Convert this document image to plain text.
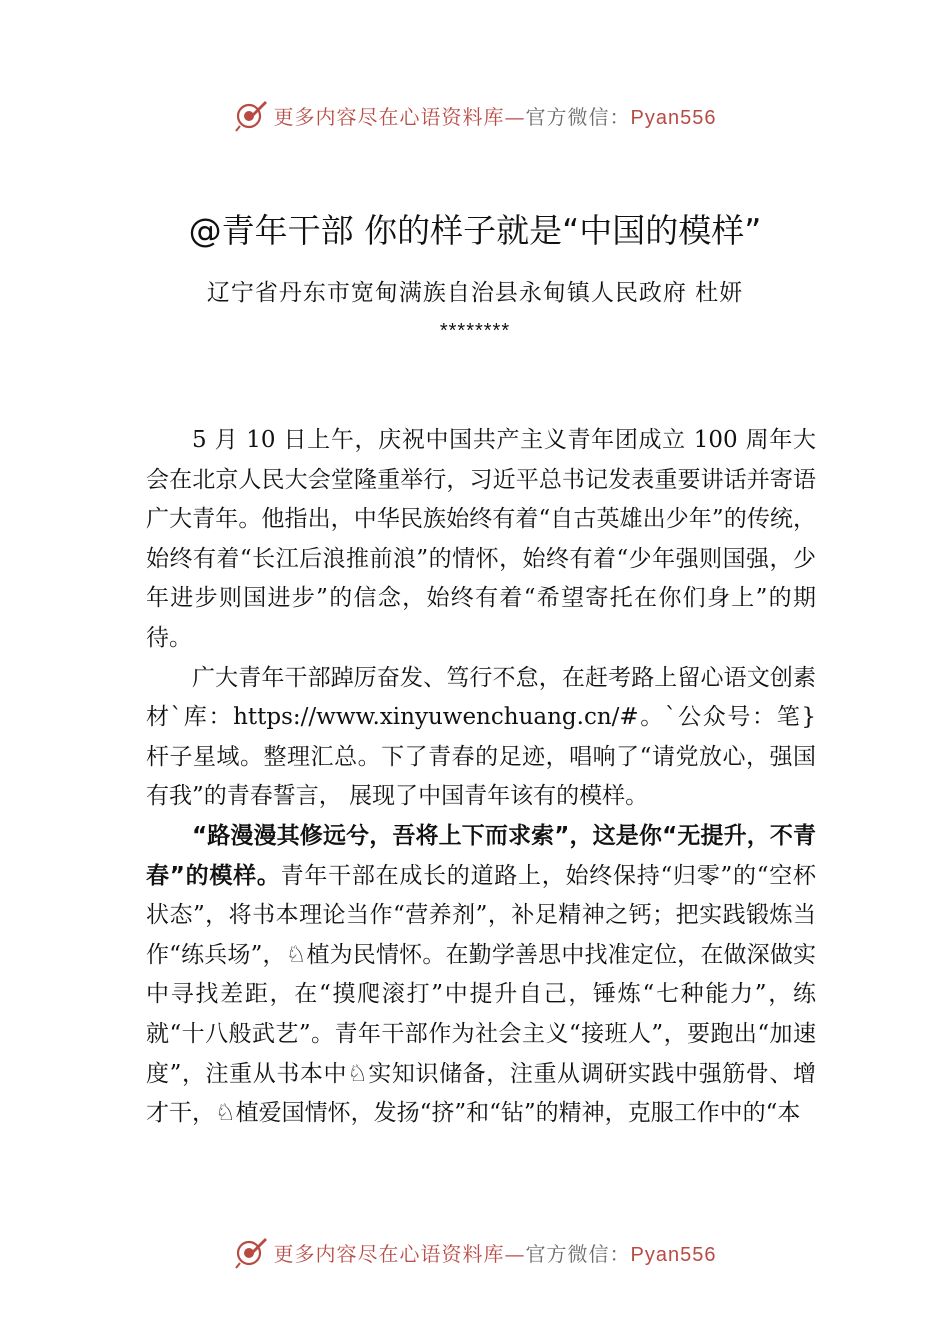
更多内容尽在心语资料库—官方微信：Pyan556
@青年干部 你的样子就是“中国的模样”
辽宁省丹东市宽甸满族自治县永甸镇人民政府 杜妍
********

5 月 10 日上午，庆祝中国共产主义青年团成立 100 周年大会在北京人民大会堂隆重举行，习近平总书记发表重要讲话并寄语广大青年。他指出，中华民族始终有着“自古英雄出少年”的传统，始终有着“长江后浪推前浪”的情怀，始终有着“少年强则国强，少年进步则国进步”的信念，始终有着“希望寄托在你们身上”的期待。

广大青年干部踔厉奋发、笃行不怠，在赶考路上留心语文创素材`库：https://www.xinyuwenchuang.cn/#。`公众号：笔}杆子星域。整理汇总。下了青春的足迹，唱响了“请党放心，强国有我”的青春誓言， 展现了中国青年该有的模样。

“路漫漫其修远兮，吾将上下而求索”，这是你“无提升，不青春”的模样。青年干部在成长的道路上，始终保持“归零”的“空杯状态”，将书本理论当作“营养剂”，补足精神之钙；把实践锻炼当作“练兵场”，♘植为民情怀。在勤学善思中找准定位，在做深做实中寻找差距，在“摸爬滚打”中提升自己，锤炼“七种能力”，练就“十八般武艺”。青年干部作为社会主义“接班人”，要跑出“加速度”，注重从书本中♘实知识储备，注重从调研实践中强筋骨、增才干，♘植爱国情怀，发扬“挤”和“钻”的精神，克服工作中的“本

更多内容尽在心语资料库—官方微信：Pyan556
